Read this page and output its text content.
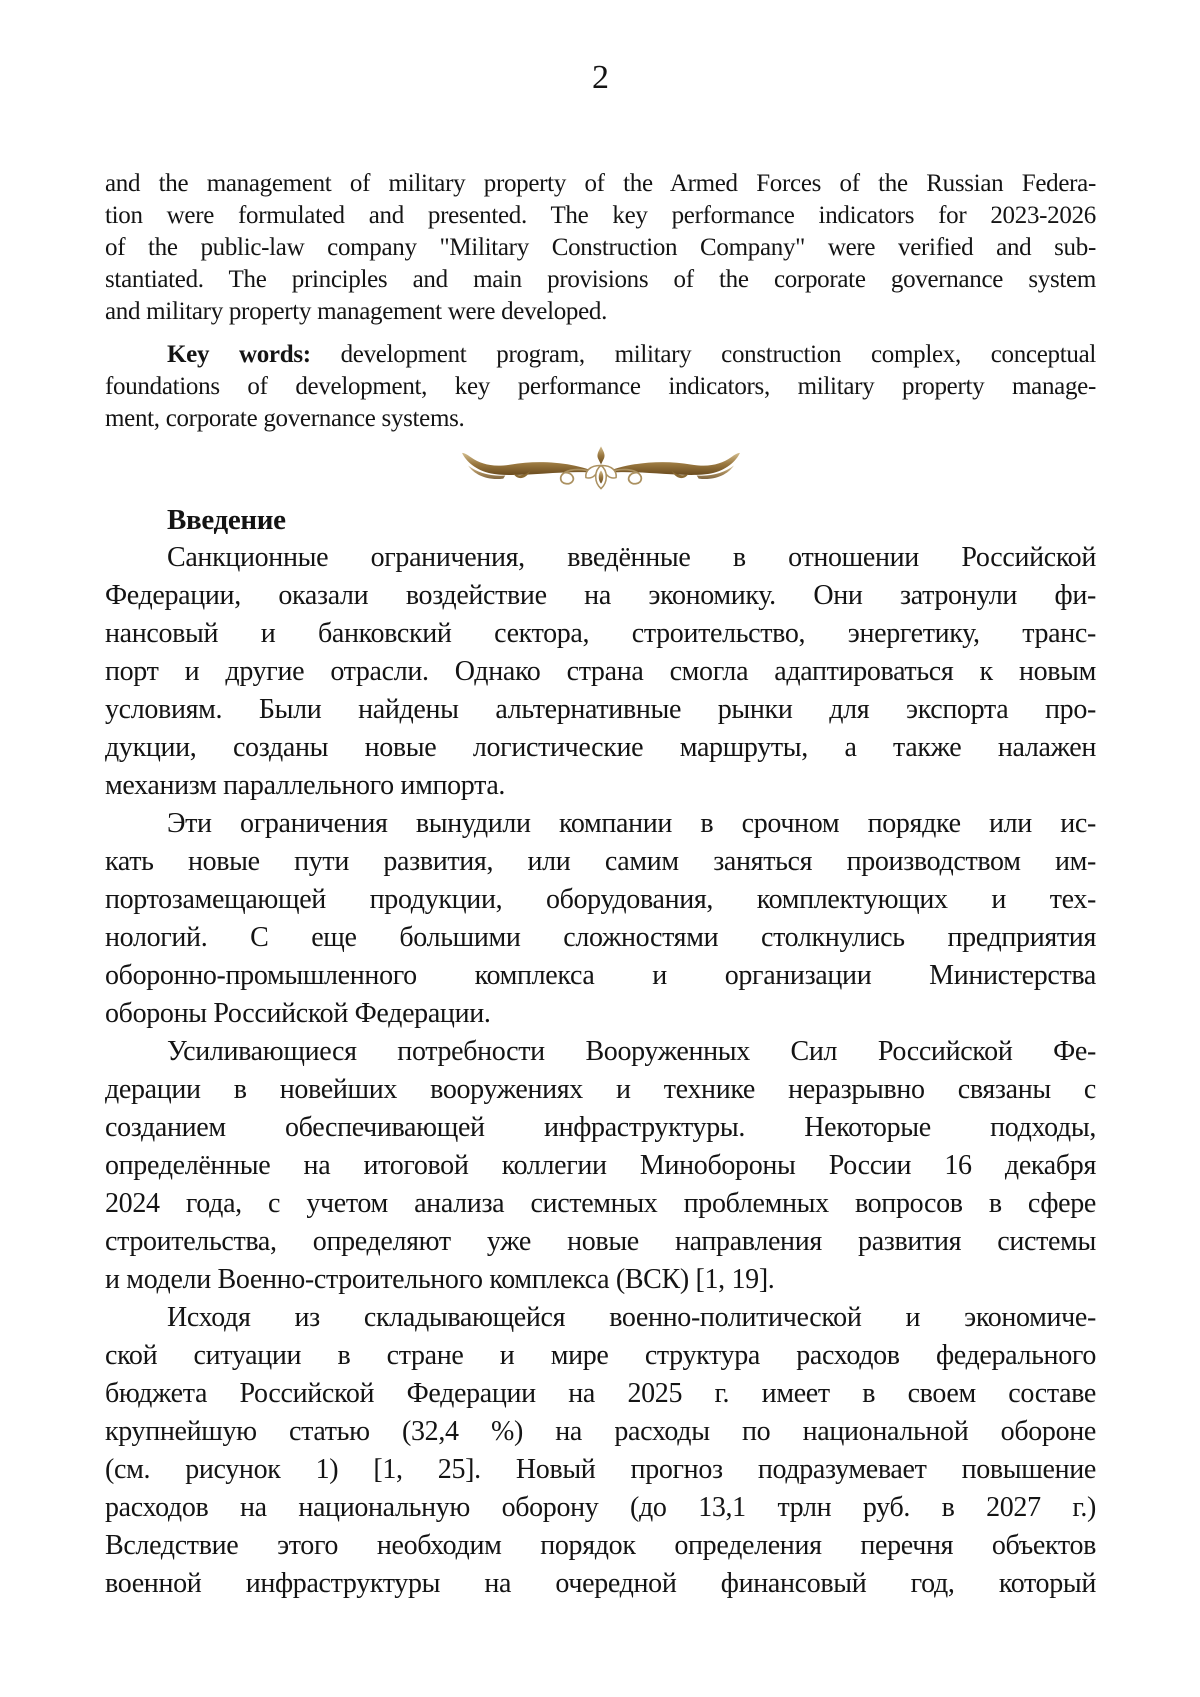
2
and the management of military property of the Armed Forces of the Russian Federa-
tion were formulated and presented. The key performance indicators for 2023-2026
of the public-law company "Military Construction Company" were verified and sub-
stantiated. The principles and main provisions of the corporate governance system
and military property management were developed.
Key words: development program, military construction complex, conceptual
foundations of development, key performance indicators, military property manage-
ment, corporate governance systems.
Введение
Санкционные ограничения, введённые в отношении Российской
Федерации, оказали воздействие на экономику. Они затронули фи-
нансовый и банковский сектора, строительство, энергетику, транс-
порт и другие отрасли. Однако страна смогла адаптироваться к новым
условиям. Были найдены альтернативные рынки для экспорта про-
дукции, созданы новые логистические маршруты, а также налажен
механизм параллельного импорта.
Эти ограничения вынудили компании в срочном порядке или ис-
кать новые пути развития, или самим заняться производством им-
портозамещающей продукции, оборудования, комплектующих и тех-
нологий. С еще большими сложностями столкнулись предприятия
оборонно-промышленного комплекса и организации Министерства
обороны Российской Федерации.
Усиливающиеся потребности Вооруженных Сил Российской Фе-
дерации в новейших вооружениях и технике неразрывно связаны с
созданием обеспечивающей инфраструктуры. Некоторые подходы,
определённые на итоговой коллегии Минобороны России 16 декабря
2024 года, с учетом анализа системных проблемных вопросов в сфере
строительства, определяют уже новые направления развития системы
и модели Военно-строительного комплекса (ВСК) [1, 19].
Исходя из складывающейся военно-политической и экономиче-
ской ситуации в стране и мире структура расходов федерального
бюджета Российской Федерации на 2025 г. имеет в своем составе
крупнейшую статью (32,4 %) на расходы по национальной обороне
(см. рисунок 1) [1, 25]. Новый прогноз подразумевает повышение
расходов на национальную оборону (до 13,1 трлн руб. в 2027 г.)
Вследствие этого необходим порядок определения перечня объектов
военной инфраструктуры на очередной финансовый год, который
